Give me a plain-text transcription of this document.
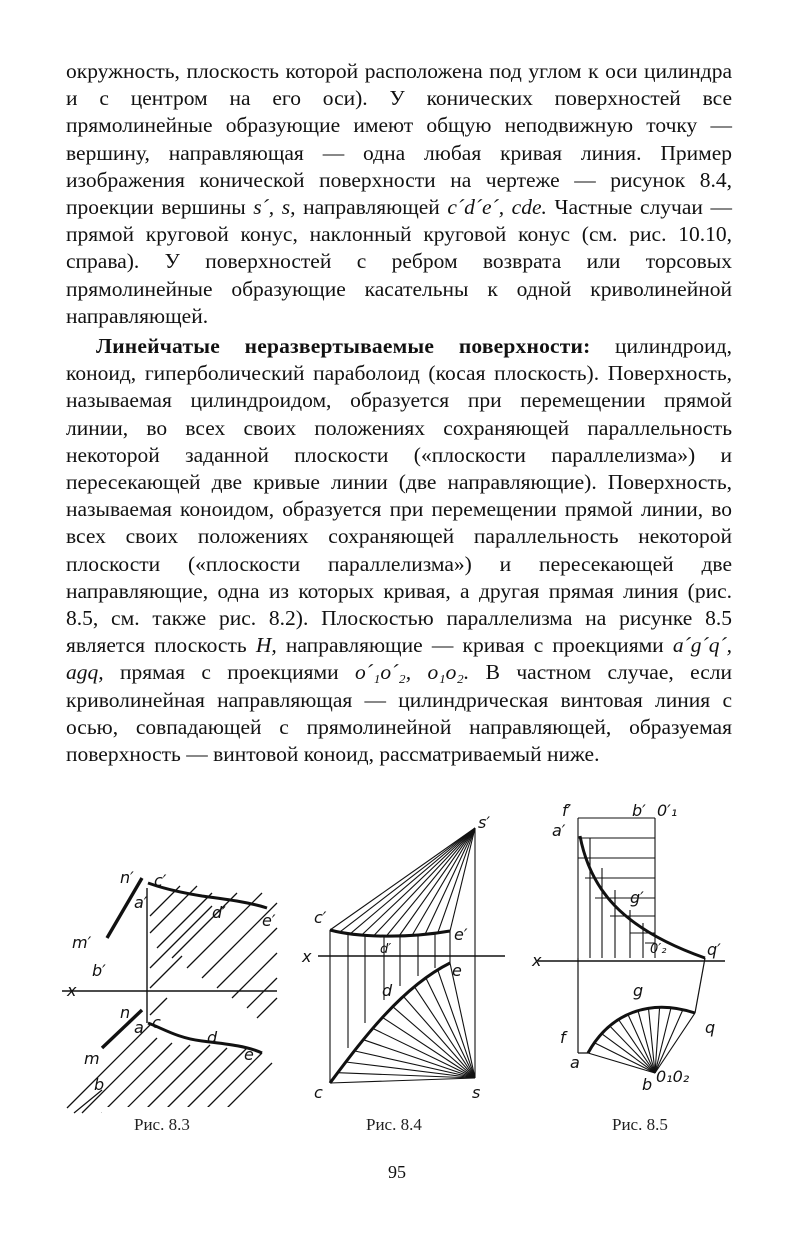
окружность, плоскость которой расположена под углом к оси цилиндра и с центром на его оси). У конических поверхностей все прямолинейные образующие имеют общую неподвижную точку — вершину, направляющая — одна любая кривая линия. Пример изображения конической поверхности на чертеже — рисунок 8.4, проекции вершины s´, s, направляющей c´d´e´, cde. Частные случаи — прямой круговой конус, наклонный круговой конус (см. рис. 10.10, справа). У поверхностей с ребром возврата или торсовых прямолинейные образующие касательны к одной криволинейной направляющей.

Линейчатые неразвертываемые поверхности: цилиндроид, коноид, гиперболический параболоид (косая плоскость). Поверхность, называемая цилиндроидом, образуется при перемещении прямой линии, во всех своих положениях сохраняющей параллельность некоторой заданной плоскости («плоскости параллелизма») и пересекающей две кривые линии (две направляющие). Поверхность, называемая коноидом, образуется при перемещении прямой линии, во всех своих положениях сохраняющей параллельность некоторой плоскости («плоскости параллелизма») и пересекающей две направляющие, одна из которых кривая, а другая прямая линия (рис. 8.5, см. также рис. 8.2). Плоскостью параллелизма на рисунке 8.5 является плоскость H, направляющие — кривая с проекциями a´g´q´, agq, прямая с проекциями o´₁o´₂, o₁o₂. В частном случае, если криволинейная направляющая — цилиндрическая винтовая линия с осью, совпадающей с прямолинейной направляющей, образуемая поверхность — винтовой коноид, рассматриваемый ниже.

n′ c′
a′
d′ e′
m′
b′
x
n
a c
d
e
m
b
Рис. 8.3
s′
c′
d′
e′
x
d
e
c	s
Рис. 8.4
f′
a′
b′ 0′₁
g′
0′₂	q′
x
g
f
a
q
b 0₁0₂
Рис. 8.5
95
